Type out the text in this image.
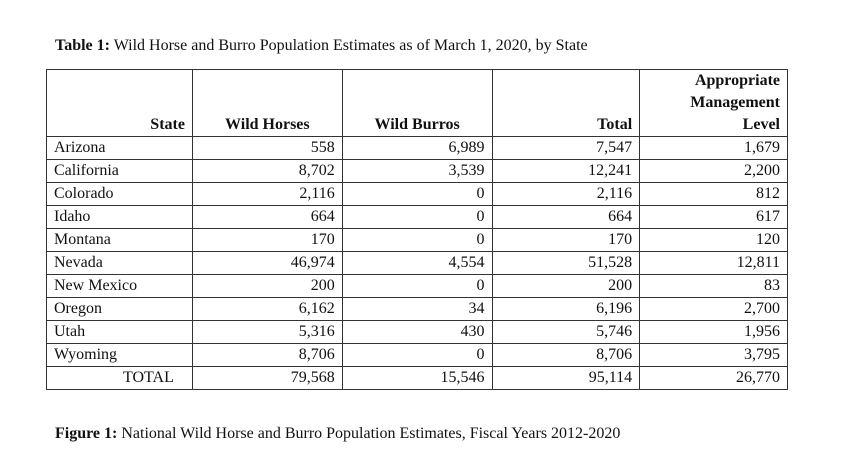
Table 1: Wild Horse and Burro Population Estimates as of March 1, 2020, by State
State	Wild Horses	Wild Burros	Total	Appropriate
Management
Level

Arizona	558	6,989	7,547	1,679
California	8,702	3,539	12,241	2,200
Colorado	2,116	0	2,116	812
Idaho	664	0	664	617
Montana	170	0	170	120
Nevada	46,974	4,554	51,528	12,811
New Mexico	200	0	200	83
Oregon	6,162	34	6,196	2,700
Utah	5,316	430	5,746	1,956
Wyoming	8,706	0	8,706	3,795
TOTAL	79,568	15,546	95,114	26,770
Figure 1: National Wild Horse and Burro Population Estimates, Fiscal Years 2012-2020
